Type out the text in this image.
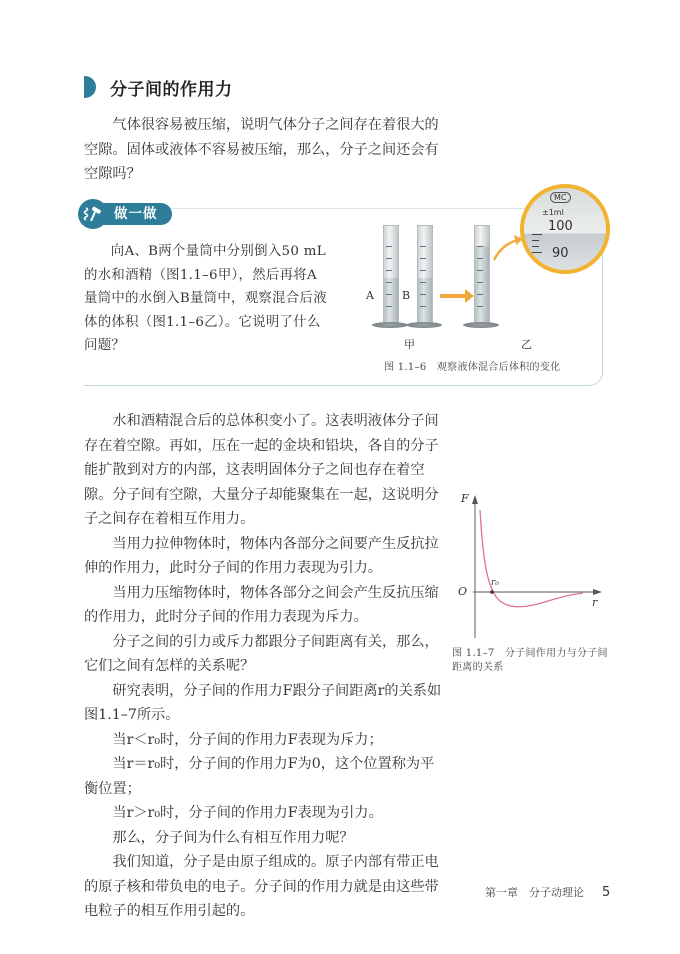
分子间的作用力
气体很容易被压缩，说明气体分子之间存在着很大的空隙。固体或液体不容易被压缩，那么，分子之间还会有空隙吗？
做一做
向A、B两个量筒中分别倒入50 mL的水和酒精（图1.1–6甲），然后再将A量筒中的水倒入B量筒中，观察混合后液体的体积（图1.1–6乙）。它说明了什么问题？
A	B
MC
±1ml
100
90
甲	乙
图 1.1–6　观察液体混合后体积的变化

水和酒精混合后的总体积变小了。这表明液体分子间存在着空隙。再如，压在一起的金块和铅块，各自的分子能扩散到对方的内部，这表明固体分子之间也存在着空隙。分子间有空隙，大量分子却能聚集在一起，这说明分子之间存在着相互作用力。

当用力拉伸物体时，物体内各部分之间要产生反抗拉伸的作用力，此时分子间的作用力表现为引力。

当用力压缩物体时，物体各部分之间会产生反抗压缩的作用力，此时分子间的作用力表现为斥力。

分子之间的引力或斥力都跟分子间距离有关，那么，它们之间有怎样的关系呢？

研究表明，分子间的作用力F跟分子间距离r的关系如图1.1–7所示。

当r＜r₀时，分子间的作用力F表现为斥力；

当r＝r₀时，分子间的作用力F为0，这个位置称为平衡位置；

当r＞r₀时，分子间的作用力F表现为引力。

那么，分子间为什么有相互作用力呢？

我们知道，分子是由原子组成的。原子内部有带正电的原子核和带负电的电子。分子间的作用力就是由这些带电粒子的相互作用引起的。

F
r
O
r₀
图 1.1–7　分子间作用力与分子间距离的关系
第一章　分子动理论 5
